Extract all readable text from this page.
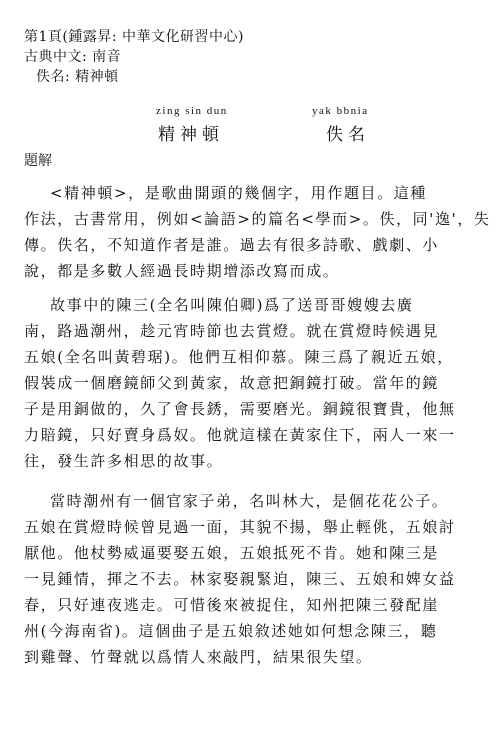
第1頁(鍾露昇: 中華文化研習中心)
古典中文: 南音
佚名: 精神頓
zing sin dun	yak bbnia
精神頓	佚名
題解
<精神頓>，是歌曲開頭的幾個字，用作題目。這種
作法，古書常用，例如<論語>的篇名<學而>。佚，同'逸'，失
傳。佚名，不知道作者是誰。過去有很多詩歌、戲劇、小
說，都是多數人經過長時期增添改寫而成。
故事中的陳三(全名叫陳伯卿)爲了送哥哥嫂嫂去廣
南，路過潮州，趁元宵時節也去賞燈。就在賞燈時候遇見
五娘(全名叫黃碧琚)。他們互相仰慕。陳三爲了親近五娘，
假裝成一個磨鏡師父到黃家，故意把銅鏡打破。當年的鏡
子是用銅做的，久了會長銹，需要磨光。銅鏡很寶貴，他無
力賠鏡，只好賣身爲奴。他就這樣在黃家住下，兩人一來一
往，發生許多相思的故事。
當時潮州有一個官家子弟，名叫林大，是個花花公子。
五娘在賞燈時候曾見過一面，其貌不揚，舉止輕佻，五娘討
厭他。他杖勢威逼要娶五娘，五娘抵死不肯。她和陳三是
一見鍾情，揮之不去。林家娶親緊迫，陳三、五娘和婢女益
春，只好連夜逃走。可惜後來被捉住，知州把陳三發配崖
州(今海南省)。這個曲子是五娘敘述她如何想念陳三，聽
到雞聲、竹聲就以爲情人來敲門，結果很失望。
